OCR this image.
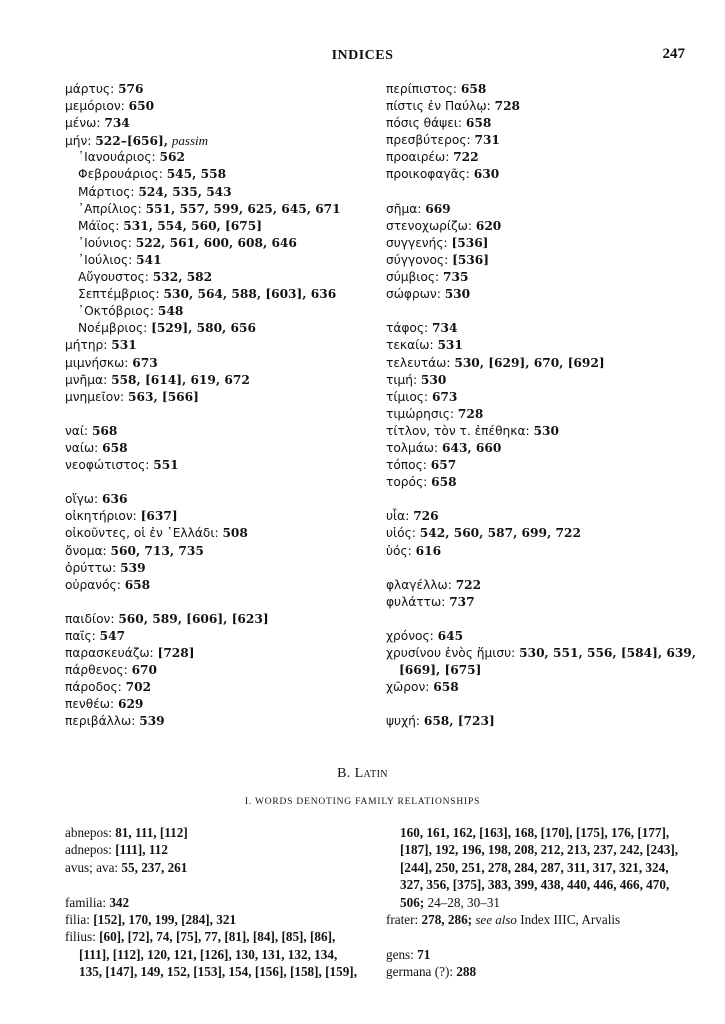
INDICES	247
μάρτυς: 576
μεμόριον: 650
μένω: 734
μήν: 522–[656], passim
᾿Ιανουάριος: 562
Φεβρουάριος: 545, 558
Μάρτιος: 524, 535, 543
᾿Απρίλιος: 551, 557, 599, 625, 645, 671
Μάϊος: 531, 554, 560, [675]
᾿Ιούνιος: 522, 561, 600, 608, 646
᾿Ιούλιος: 541
Αὔγουστος: 532, 582
Σεπτέμβριος: 530, 564, 588, [603], 636
᾿Οκτόβριος: 548
Νοέμβριος: [529], 580, 656
μήτηρ: 531
μιμνήσκω: 673
μνῆμα: 558, [614], 619, 672
μνημεῖον: 563, [566]
ναί: 568
ναίω: 658
νεοφώτιστος: 551
οἴγω: 636
οἰκητήριον: [637]
οἰκοῦντες, οἱ ἐν ῾Ελλάδι: 508
ὄνομα: 560, 713, 735
ὀρύττω: 539
οὐρανός: 658
παιδίον: 560, 589, [606], [623]
παῖς: 547
παρασκευάζω: [728]
πάρθενος: 670
πάροδος: 702
πενθέω: 629
περιβάλλω: 539
περίπιστος: 658
πίστις ἐν Παύλῳ: 728
πόσις θάψει: 658
πρεσβύτερος: 731
προαιρέω: 722
προικοφαγᾶς: 630
σῆμα: 669
στενοχωρίζω: 620
συγγενής: [536]
σύγγονος: [536]
σύμβιος: 735
σώφρων: 530
τάφος: 734
τεκαίω: 531
τελευτάω: 530, [629], 670, [692]
τιμή: 530
τίμιος: 673
τιμώρησις: 728
τίτλον, τὸν τ. ἐπέθηκα: 530
τολμάω: 643, 660
τόπος: 657
τορός: 658
υἷα: 726
υἱός: 542, 560, 587, 699, 722
ὑός: 616
φλαγέλλω: 722
φυλάττω: 737
χρόνος: 645
χρυσίνου ἑνὸς ἥμισυ: 530, 551, 556, [584], 639,
[669], [675]
χῶρον: 658
ψυχή: 658, [723]
B. Latin
I. WORDS DENOTING FAMILY RELATIONSHIPS
abnepos: 81, 111, [112]
adnepos: [111], 112
avus; ava: 55, 237, 261
familia: 342
filia: [152], 170, 199, [284], 321
filius: [60], [72], 74, [75], 77, [81], [84], [85], [86],
[111], [112], 120, 121, [126], 130, 131, 132, 134,
135, [147], 149, 152, [153], 154, [156], [158], [159],
160, 161, 162, [163], 168, [170], [175], 176, [177],
[187], 192, 196, 198, 208, 212, 213, 237, 242, [243],
[244], 250, 251, 278, 284, 287, 311, 317, 321, 324,
327, 356, [375], 383, 399, 438, 440, 446, 466, 470,
506; 24–28, 30–31
frater: 278, 286; see also Index IIIC, Arvalis
gens: 71
germana (?): 288
